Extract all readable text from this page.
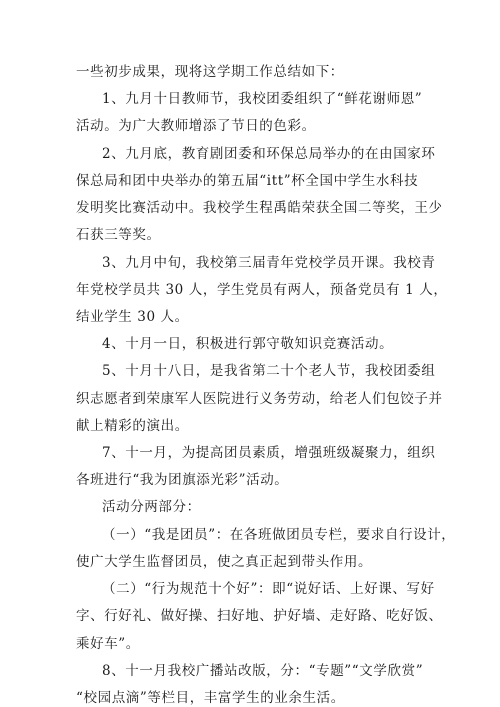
一些初步成果，现将这学期工作总结如下：
1、九月十日教师节，我校团委组织了“鲜花谢师恩”
活动。为广大教师增添了节日的色彩。
2、九月底，教育剧团委和环保总局举办的在由国家环
保总局和团中央举办的第五届“itt”杯全国中学生水科技
发明奖比赛活动中。我校学生程禹皓荣获全国二等奖，王少
石获三等奖。
3、九月中旬，我校第三届青年党校学员开课。我校青
年党校学员共 30 人，学生党员有两人，预备党员有 1 人，
结业学生 30 人。
4、十月一日，积极进行郭守敬知识竞赛活动。
5、十月十八日，是我省第二十个老人节，我校团委组
织志愿者到荣康军人医院进行义务劳动，给老人们包饺子并
献上精彩的演出。
7、十一月，为提高团员素质，增强班级凝聚力，组织
各班进行“我为团旗添光彩”活动。
活动分两部分：
（一）“我是团员”：在各班做团员专栏，要求自行设计，
使广大学生监督团员，使之真正起到带头作用。
（二）“行为规范十个好”：即“说好话、上好课、写好
字、行好礼、做好操、扫好地、护好墙、走好路、吃好饭、
乘好车”。
8、十一月我校广播站改版，分：“专题”“文学欣赏”
“校园点滴”等栏目，丰富学生的业余生活。
